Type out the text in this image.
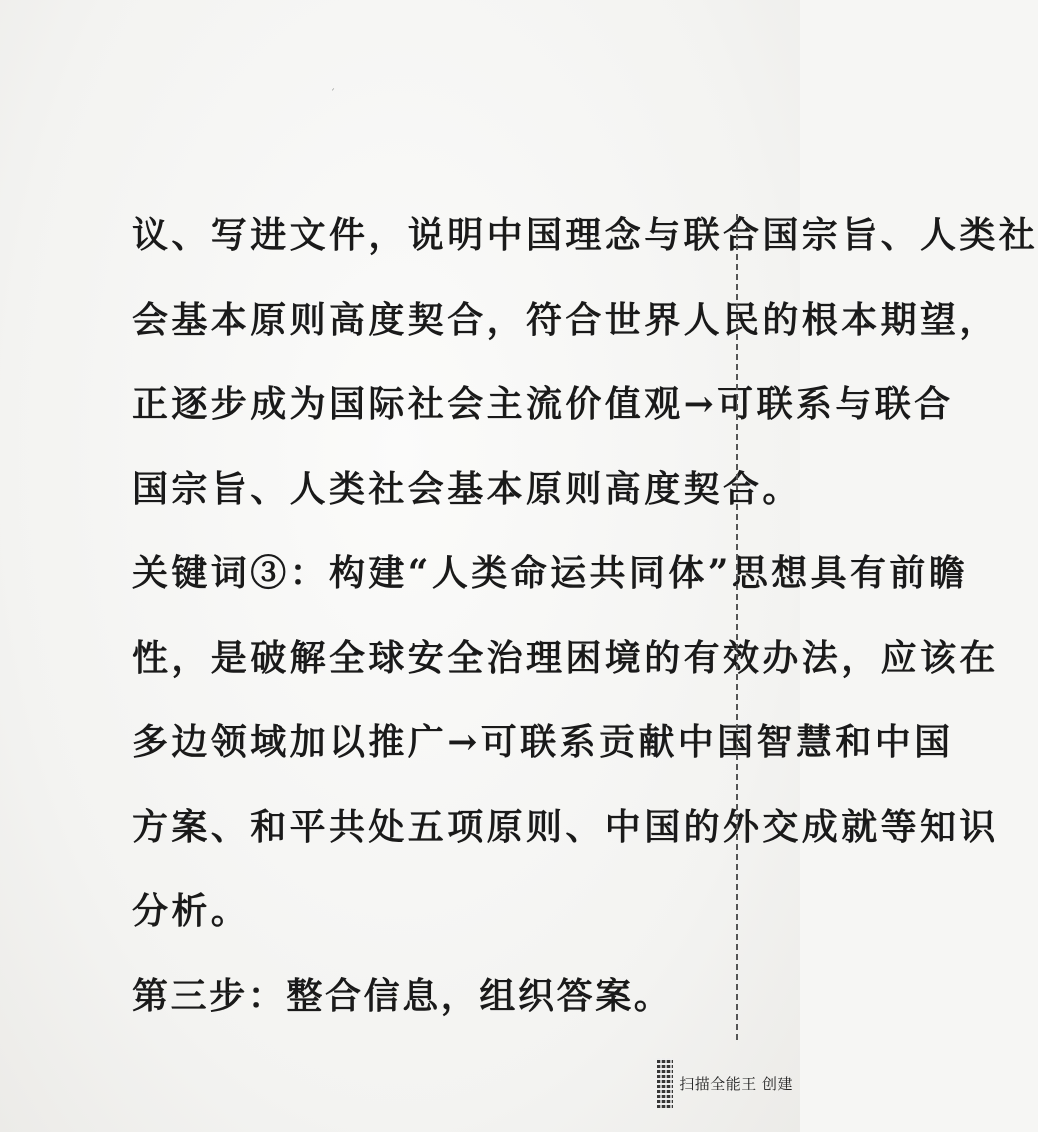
ˊ
议、写进文件，说明中国理念与联合国宗旨、人类社
会基本原则高度契合，符合世界人民的根本期望，
正逐步成为国际社会主流价值观→可联系与联合
国宗旨、人类社会基本原则高度契合。
关键词③：构建“人类命运共同体”思想具有前瞻
性，是破解全球安全治理困境的有效办法，应该在
多边领域加以推广→可联系贡献中国智慧和中国
方案、和平共处五项原则、中国的外交成就等知识
分析。
第三步：整合信息，组织答案。
扫描全能王 创建
